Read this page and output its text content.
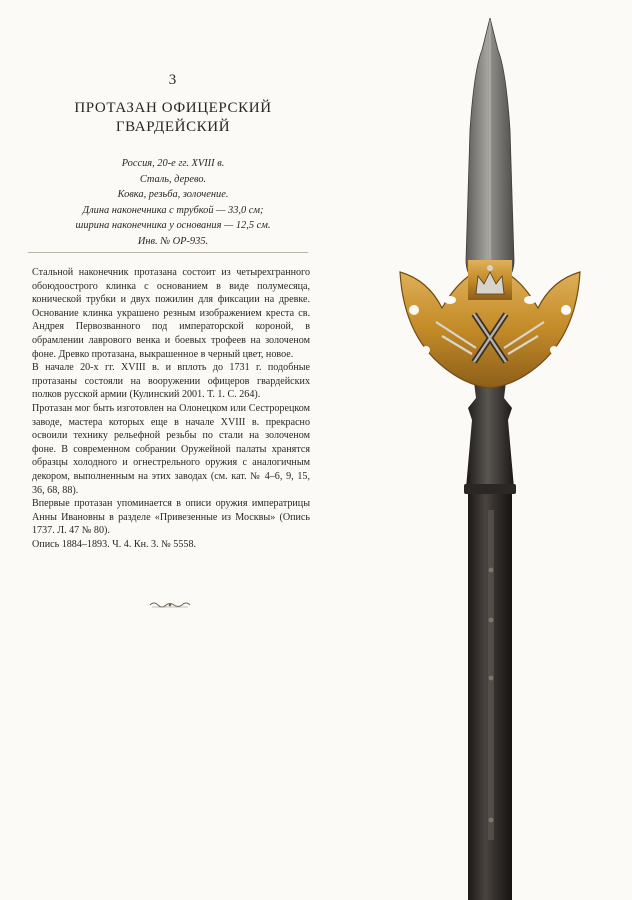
3
ПРОТАЗАН ОФИЦЕРСКИЙ
ГВАРДЕЙСКИЙ
Россия, 20-е гг. XVIII в.
Сталь, дерево.
Ковка, резьба, золочение.
Длина наконечника с трубкой — 33,0 см;
ширина наконечника у основания — 12,5 см.
Инв. № ОР-935.

Стальной наконечник протазана состоит из четырехгранного обоюдоострого клинка с основанием в виде полумесяца, конической трубки и двух пожилин для фиксации на древке. Основание клинка украшено резным изображением креста св. Андрея Первозванного под императорской короной, в обрамлении лаврового венка и боевых трофеев на золоченом фоне. Древко протазана, выкрашенное в черный цвет, новое.

В начале 20-х гг. XVIII в. и вплоть до 1731 г. подобные протазаны состояли на вооружении офицеров гвардейских полков русской армии (Кулинский 2001. Т. 1. С. 264).

Протазан мог быть изготовлен на Олонецком или Сестрорецком заводе, мастера которых еще в начале XVIII в. прекрасно освоили технику рельефной резьбы по стали на золоченом фоне. В современном собрании Оружейной палаты хранятся образцы холодного и огнестрельного оружия с аналогичным декором, выполненным на этих заводах (см. кат. № 4–6, 9, 15, 36, 68, 88).

Впервые протазан упоминается в описи оружия императрицы Анны Ивановны в разделе «Привезенные из Москвы» (Опись 1737. Л. 47 № 80).

Опись 1884–1893. Ч. 4. Кн. 3. № 5558.
